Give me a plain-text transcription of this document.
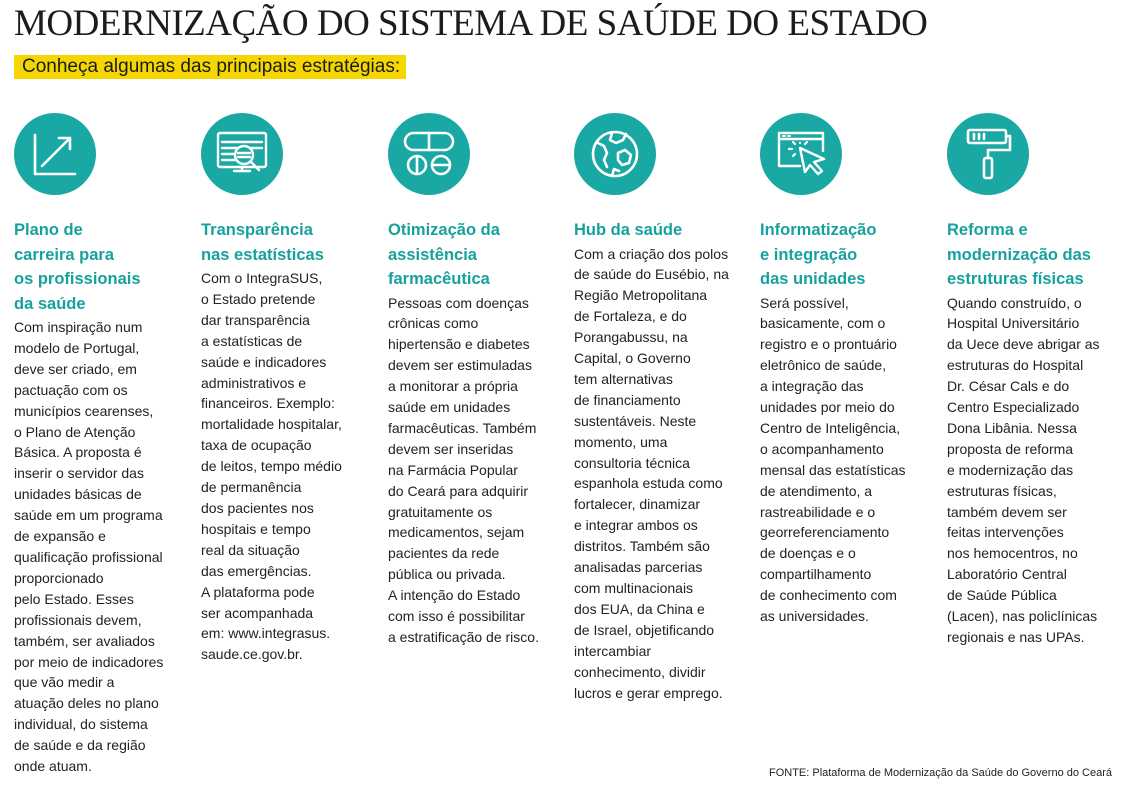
MODERNIZAÇÃO DO SISTEMA DE SAÚDE DO ESTADO
Conheça algumas das principais estratégias:
Plano de
carreira para
os profissionais
da saúde
Com inspiração num
modelo de Portugal,
deve ser criado, em
pactuação com os
municípios cearenses,
o Plano de Atenção
Básica. A proposta é
inserir o servidor das
unidades básicas de
saúde em um programa
de expansão e
qualificação profissional
proporcionado
pelo Estado. Esses
profissionais devem,
também, ser avaliados
por meio de indicadores
que vão medir a
atuação deles no plano
individual, do sistema
de saúde e da região
onde atuam.
Transparência
nas estatísticas
Com o IntegraSUS,
o Estado pretende
dar transparência
a estatísticas de
saúde e indicadores
administrativos e
financeiros. Exemplo:
mortalidade hospitalar,
taxa de ocupação
de leitos, tempo médio
de permanência
dos pacientes nos
hospitais e tempo
real da situação
das emergências.
A plataforma pode
ser acompanhada
em: www.integrasus.
saude.ce.gov.br.
Otimização da
assistência
farmacêutica
Pessoas com doenças
crônicas como
hipertensão e diabetes
devem ser estimuladas
a monitorar a própria
saúde em unidades
farmacêuticas. Também
devem ser inseridas
na Farmácia Popular
do Ceará para adquirir
gratuitamente os
medicamentos, sejam
pacientes da rede
pública ou privada.
A intenção do Estado
com isso é possibilitar
a estratificação de risco.
Hub da saúde
Com a criação dos polos
de saúde do Eusébio, na
Região Metropolitana
de Fortaleza, e do
Porangabussu, na
Capital, o Governo
tem alternativas
de financiamento
sustentáveis. Neste
momento, uma
consultoria técnica
espanhola estuda como
fortalecer, dinamizar
e integrar ambos os
distritos. Também são
analisadas parcerias
com multinacionais
dos EUA, da China e
de Israel, objetificando
intercambiar
conhecimento, dividir
lucros e gerar emprego.
Informatização
e integração
das unidades
Será possível,
basicamente, com o
registro e o prontuário
eletrônico de saúde,
a integração das
unidades por meio do
Centro de Inteligência,
o acompanhamento
mensal das estatísticas
de atendimento, a
rastreabilidade e o
georreferenciamento
de doenças e o
compartilhamento
de conhecimento com
as universidades.
Reforma e
modernização das
estruturas físicas
Quando construído, o
Hospital Universitário
da Uece deve abrigar as
estruturas do Hospital
Dr. César Cals e do
Centro Especializado
Dona Libânia. Nessa
proposta de reforma
e modernização das
estruturas físicas,
também devem ser
feitas intervenções
nos hemocentros, no
Laboratório Central
de Saúde Pública
(Lacen), nas policlínicas
regionais e nas UPAs.
FONTE: Plataforma de Modernização da Saúde do Governo do Ceará
